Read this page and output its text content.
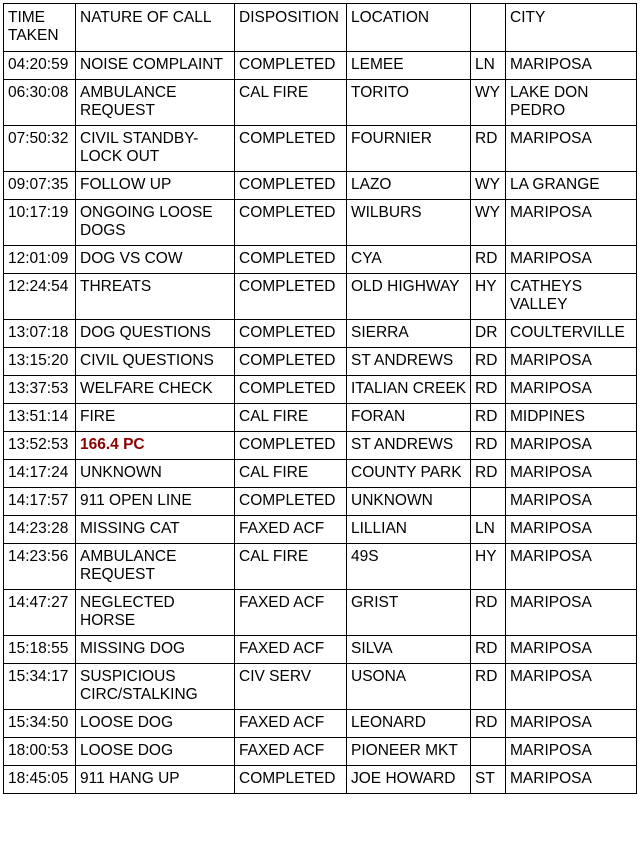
TIME TAKEN	NATURE OF CALL	DISPOSITION	LOCATION		CITY
04:20:59	NOISE COMPLAINT	COMPLETED	LEMEE	LN	MARIPOSA
06:30:08	AMBULANCE REQUEST	CAL FIRE	TORITO	WY	LAKE DON PEDRO
07:50:32	CIVIL STANDBY-LOCK OUT	COMPLETED	FOURNIER	RD	MARIPOSA
09:07:35	FOLLOW UP	COMPLETED	LAZO	WY	LA GRANGE
10:17:19	ONGOING LOOSE DOGS	COMPLETED	WILBURS	WY	MARIPOSA
12:01:09	DOG VS COW	COMPLETED	CYA	RD	MARIPOSA
12:24:54	THREATS	COMPLETED	OLD HIGHWAY	HY	CATHEYS VALLEY
13:07:18	DOG QUESTIONS	COMPLETED	SIERRA	DR	COULTERVILLE
13:15:20	CIVIL QUESTIONS	COMPLETED	ST ANDREWS	RD	MARIPOSA
13:37:53	WELFARE CHECK	COMPLETED	ITALIAN CREEK	RD	MARIPOSA
13:51:14	FIRE	CAL FIRE	FORAN	RD	MIDPINES
13:52:53	166.4 PC	COMPLETED	ST ANDREWS	RD	MARIPOSA
14:17:24	UNKNOWN	CAL FIRE	COUNTY PARK	RD	MARIPOSA
14:17:57	911 OPEN LINE	COMPLETED	UNKNOWN		MARIPOSA
14:23:28	MISSING CAT	FAXED ACF	LILLIAN	LN	MARIPOSA
14:23:56	AMBULANCE REQUEST	CAL FIRE	49S	HY	MARIPOSA
14:47:27	NEGLECTED HORSE	FAXED ACF	GRIST	RD	MARIPOSA
15:18:55	MISSING DOG	FAXED ACF	SILVA	RD	MARIPOSA
15:34:17	SUSPICIOUS CIRC/STALKING	CIV SERV	USONA	RD	MARIPOSA
15:34:50	LOOSE DOG	FAXED ACF	LEONARD	RD	MARIPOSA
18:00:53	LOOSE DOG	FAXED ACF	PIONEER MKT		MARIPOSA
18:45:05	911 HANG UP	COMPLETED	JOE HOWARD	ST	MARIPOSA
